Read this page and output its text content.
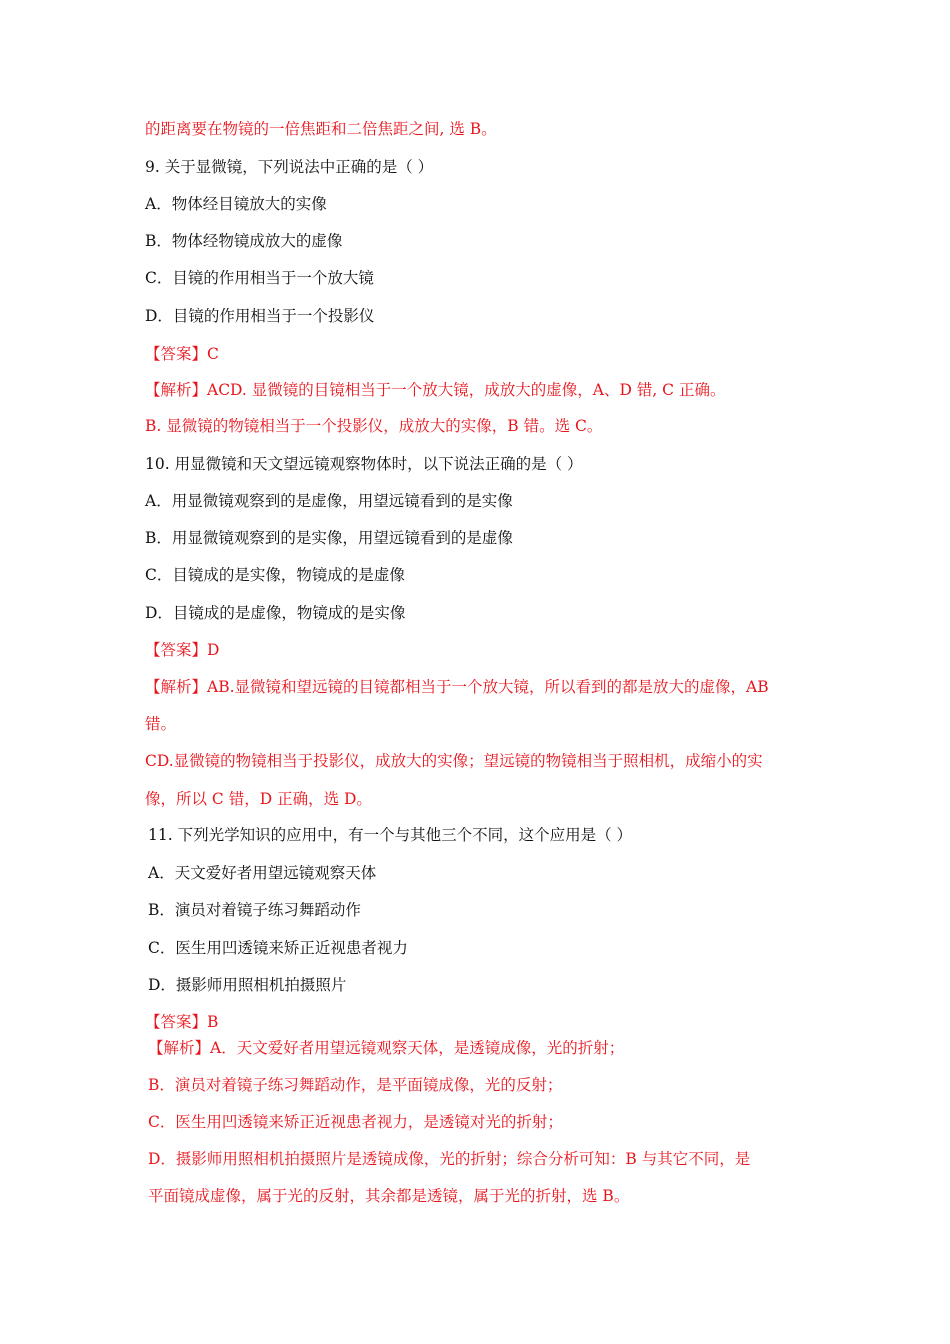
的距离要在物镜的一倍焦距和二倍焦距之间, 选 B。
9. 关于显微镜，下列说法中正确的是（ ）
A．物体经目镜放大的实像
B．物体经物镜成放大的虚像
C．目镜的作用相当于一个放大镜
D．目镜的作用相当于一个投影仪
【答案】C
【解析】ACD. 显微镜的目镜相当于一个放大镜，成放大的虚像，A、D 错, C 正确。
B. 显微镜的物镜相当于一个投影仪，成放大的实像，B 错。选 C。
10. 用显微镜和天文望远镜观察物体时，以下说法正确的是（ ）
A．用显微镜观察到的是虚像，用望远镜看到的是实像
B．用显微镜观察到的是实像，用望远镜看到的是虚像
C．目镜成的是实像，物镜成的是虚像
D．目镜成的是虚像，物镜成的是实像
【答案】D
【解析】AB.显微镜和望远镜的目镜都相当于一个放大镜，所以看到的都是放大的虚像，AB
错。
CD.显微镜的物镜相当于投影仪，成放大的实像；望远镜的物镜相当于照相机，成缩小的实
像，所以 C 错，D 正确，选 D。
11. 下列光学知识的应用中，有一个与其他三个不同，这个应用是（ ）
A．天文爱好者用望远镜观察天体
B．演员对着镜子练习舞蹈动作
C．医生用凹透镜来矫正近视患者视力
D．摄影师用照相机拍摄照片
【答案】B
【解析】A．天文爱好者用望远镜观察天体，是透镜成像，光的折射；
B．演员对着镜子练习舞蹈动作，是平面镜成像，光的反射；
C．医生用凹透镜来矫正近视患者视力，是透镜对光的折射；
D．摄影师用照相机拍摄照片是透镜成像，光的折射；综合分析可知：B 与其它不同，是
平面镜成虚像，属于光的反射，其余都是透镜，属于光的折射，选 B。
